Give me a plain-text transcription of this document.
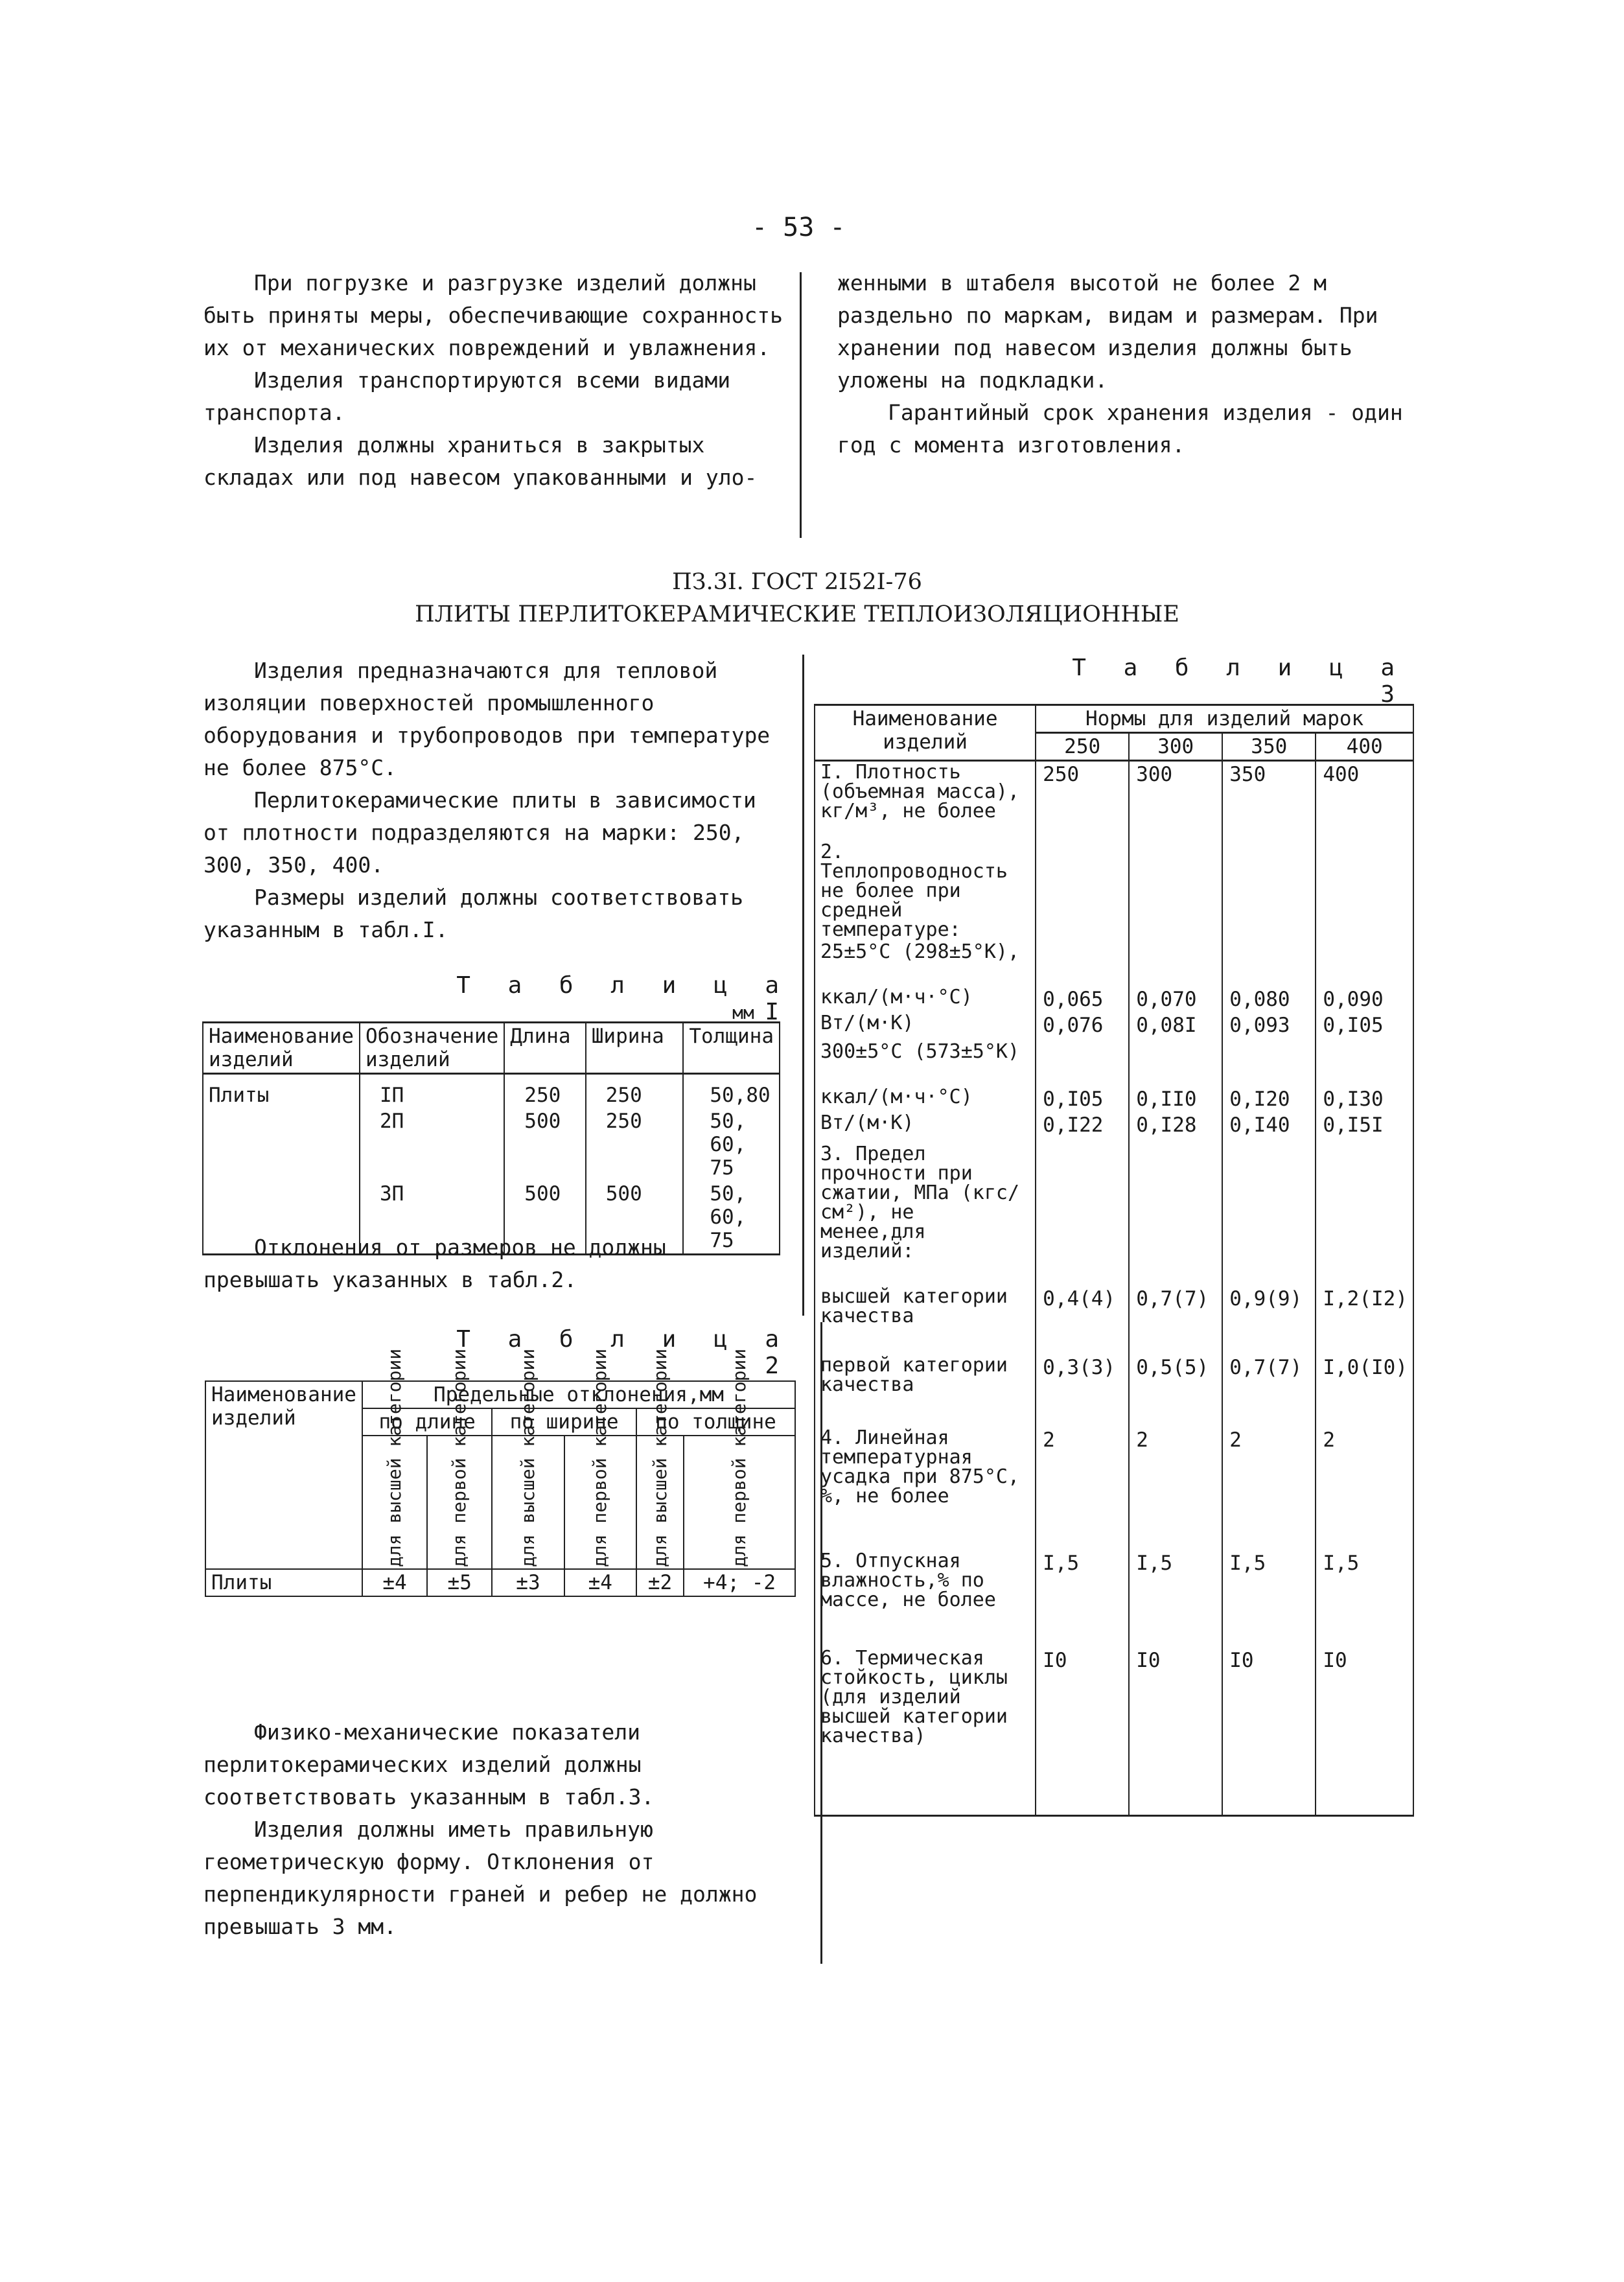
- 53 -

При погрузке и разгрузке изделий должны быть приняты меры, обеспечивающие сохранность их от механических повреждений и увлажнения.

Изделия транспортируются всеми видами транспорта.

Изделия должны храниться в закрытых складах или под навесом упакованными и уло-

женными в штабеля высотой не более 2 м раздельно по маркам, видам и размерам. При хранении под навесом изделия должны быть уложены на подкладки.

Гарантийный срок хранения изделия - один год с момента изготовления.

ПЗ.3I. ГОСТ 2I52I-76
ПЛИТЫ ПЕРЛИТОКЕРАМИЧЕСКИЕ ТЕПЛОИЗОЛЯЦИОННЫЕ

Изделия предназначаются для тепловой изоляции поверхностей промышленного оборудования и трубопроводов при температуре не более 875°С.

Перлитокерамические плиты в зависимости от плотности подразделяются на марки: 250, 300, 350, 400.

Размеры изделий должны соответствовать указанным в табл.I.

Т а б л и ц а I
мм
Наименование изделий	Обозначение изделий	Длина	Ширина	Толщина
Плиты	IП	250	250	50,80
	2П	500	250	50, 60, 75
	3П	500	500	50, 60, 75
Отклонения от размеров не должны превышать указанных в табл.2.
Т а б л и ц а 2
Наименование изделий	Предельные отклонения,мм					
	по длине		по ширине		по толщине	

	для высшей категории	для первой категории	для высшей категории	для первой категории	для высшей категории	для первой категории

Плиты	±4	±5	±3	±4	±2	+4; -2

Физико-механические показатели перлитокерамических изделий должны соответствовать указанным в табл.3.

Изделия должны иметь правильную геометрическую форму. Отклонения от перпендикулярности граней и ребер не должно превышать 3 мм.

Т а б л и ц а 3
Наименование изделий	Нормы для изделий марок			
	250	300	350	400
I. Плотность (объемная масса), кг/м³, не более	250	300	350	400
2. Теплопроводность не более при средней температуре:				
25±5°С (298±5°К),				
ккал/(м·ч·°С)	0,065	0,070	0,080	0,090
Вт/(м·К)	0,076	0,08I	0,093	0,I05
300±5°С (573±5°К)				
ккал/(м·ч·°С)	0,I05	0,II0	0,I20	0,I30
Вт/(м·К)	0,I22	0,I28	0,I40	0,I5I
3. Предел прочности при сжатии, МПа (кгс/см²), не менее,для изделий:				
высшей категории качества	0,4(4)	0,7(7)	0,9(9)	I,2(I2)
первой категории качества	0,3(3)	0,5(5)	0,7(7)	I,0(I0)
4. Линейная температурная усадка при 875°С, %, не более	2	2	2	2
5. Отпускная влажность,% по массе, не более	I,5	I,5	I,5	I,5
6. Термическая стойкость, циклы (для изделий высшей категории качества)	I0	I0	I0	I0
